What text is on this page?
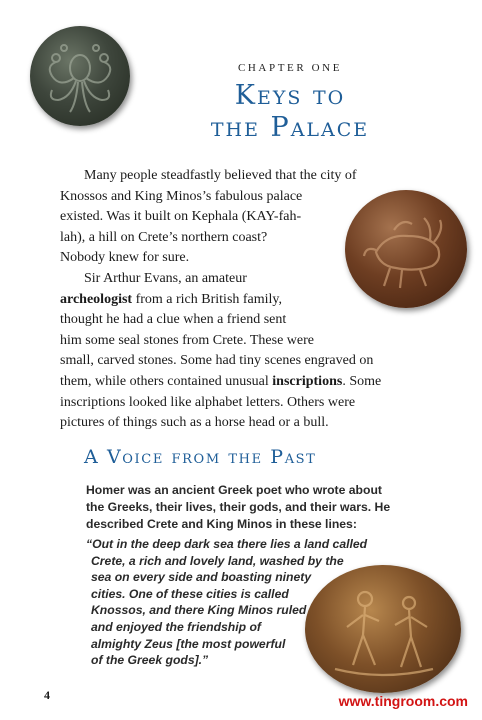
CHAPTER ONE
Keys to
the Palace
Many people steadfastly believed that the city of
Knossos and King Minos’s fabulous palace
existed. Was it built on Kephala (KAY-fah-
lah), a hill on Crete’s northern coast?
Nobody knew for sure.
Sir Arthur Evans, an amateur
archeologist from a rich British family,
thought he had a clue when a friend sent
him some seal stones from Crete. These were
small, carved stones. Some had tiny scenes engraved on
them, while others contained unusual inscriptions. Some
inscriptions looked like alphabet letters. Others were
pictures of things such as a horse head or a bull.
A Voice from the Past
Homer was an ancient Greek poet who wrote about
the Greeks, their lives, their gods, and their wars. He
described Crete and King Minos in these lines:
“Out in the deep dark sea there lies a land called
Crete, a rich and lovely land, washed by the
sea on every side and boasting ninety
cities. One of these cities is called
Knossos, and there King Minos ruled
and enjoyed the friendship of
almighty Zeus [the most powerful
of the Greek gods].”
4	www.tingroom.com
